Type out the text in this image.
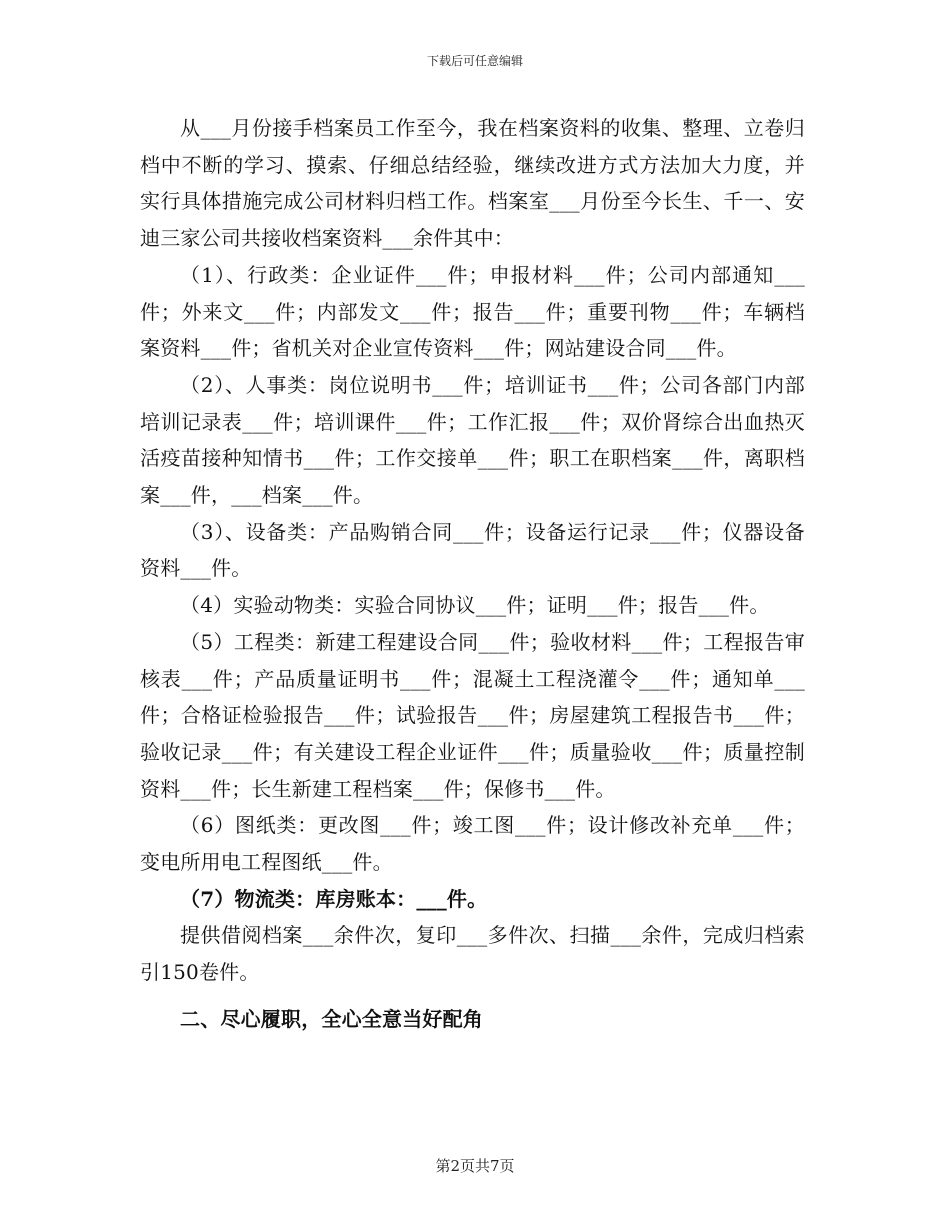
下载后可任意编辑

从___月份接手档案员工作至今，我在档案资料的收集、整理、立卷归档中不断的学习、摸索、仔细总结经验，继续改进方式方法加大力度，并实行具体措施完成公司材料归档工作。档案室___月份至今长生、千一、安迪三家公司共接收档案资料___余件其中：

（1）、行政类：企业证件___件；申报材料___件；公司内部通知___件；外来文___件；内部发文___件；报告___件；重要刊物___件；车辆档案资料___件；省机关对企业宣传资料___件；网站建设合同___件。

（2）、人事类：岗位说明书___件；培训证书___件；公司各部门内部培训记录表___件；培训课件___件；工作汇报___件；双价肾综合出血热灭活疫苗接种知情书___件；工作交接单___件；职工在职档案___件，离职档案___件，___档案___件。

（3）、设备类：产品购销合同___件；设备运行记录___件；仪器设备资料___件。

（4）实验动物类：实验合同协议___件；证明___件；报告___件。

（5）工程类：新建工程建设合同___件；验收材料___件；工程报告审核表___件；产品质量证明书___件；混凝土工程浇灌令___件；通知单___件；合格证检验报告___件；试验报告___件；房屋建筑工程报告书___件；验收记录___件；有关建设工程企业证件___件；质量验收___件；质量控制资料___件；长生新建工程档案___件；保修书___件。

（6）图纸类：更改图___件；竣工图___件；设计修改补充单___件；变电所用电工程图纸___件。

（7）物流类：库房账本：___件。

提供借阅档案___余件次，复印___多件次、扫描___余件，完成归档索引150卷件。

二、尽心履职，全心全意当好配角

第2页共7页
